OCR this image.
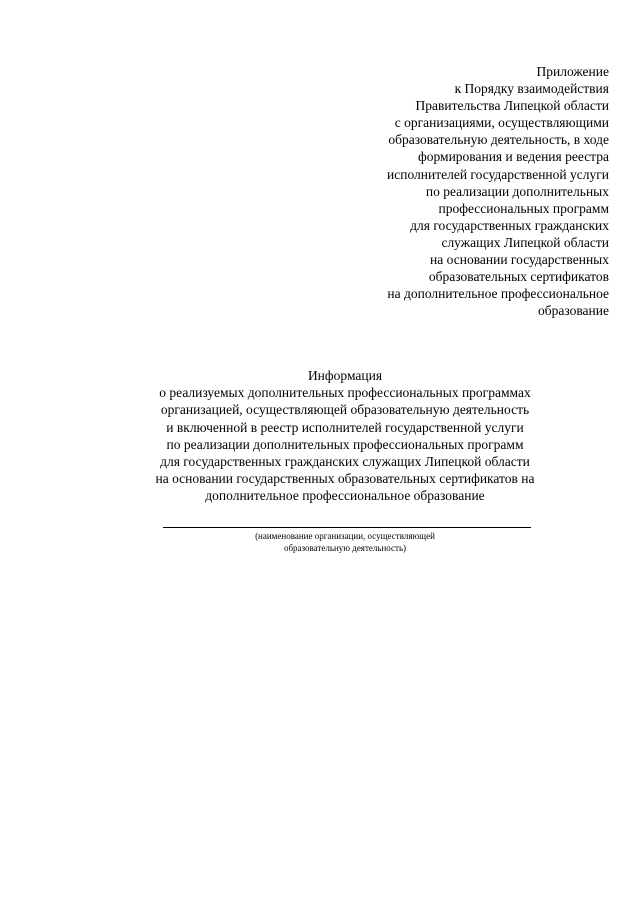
Приложение
к Порядку взаимодействия
Правительства Липецкой области
с организациями, осуществляющими
образовательную деятельность, в ходе
формирования и ведения реестра
исполнителей государственной услуги
по реализации дополнительных
профессиональных программ
для государственных гражданских
служащих Липецкой области
на основании государственных
образовательных сертификатов
на дополнительное профессиональное
образование
Информация
о реализуемых дополнительных профессиональных программах
организацией, осуществляющей образовательную деятельность
и включенной в реестр исполнителей государственной услуги
по реализации дополнительных профессиональных программ
для государственных гражданских служащих Липецкой области
на основании государственных образовательных сертификатов на
дополнительное профессиональное образование
(наименование организации, осуществляющей
образовательную деятельность)
